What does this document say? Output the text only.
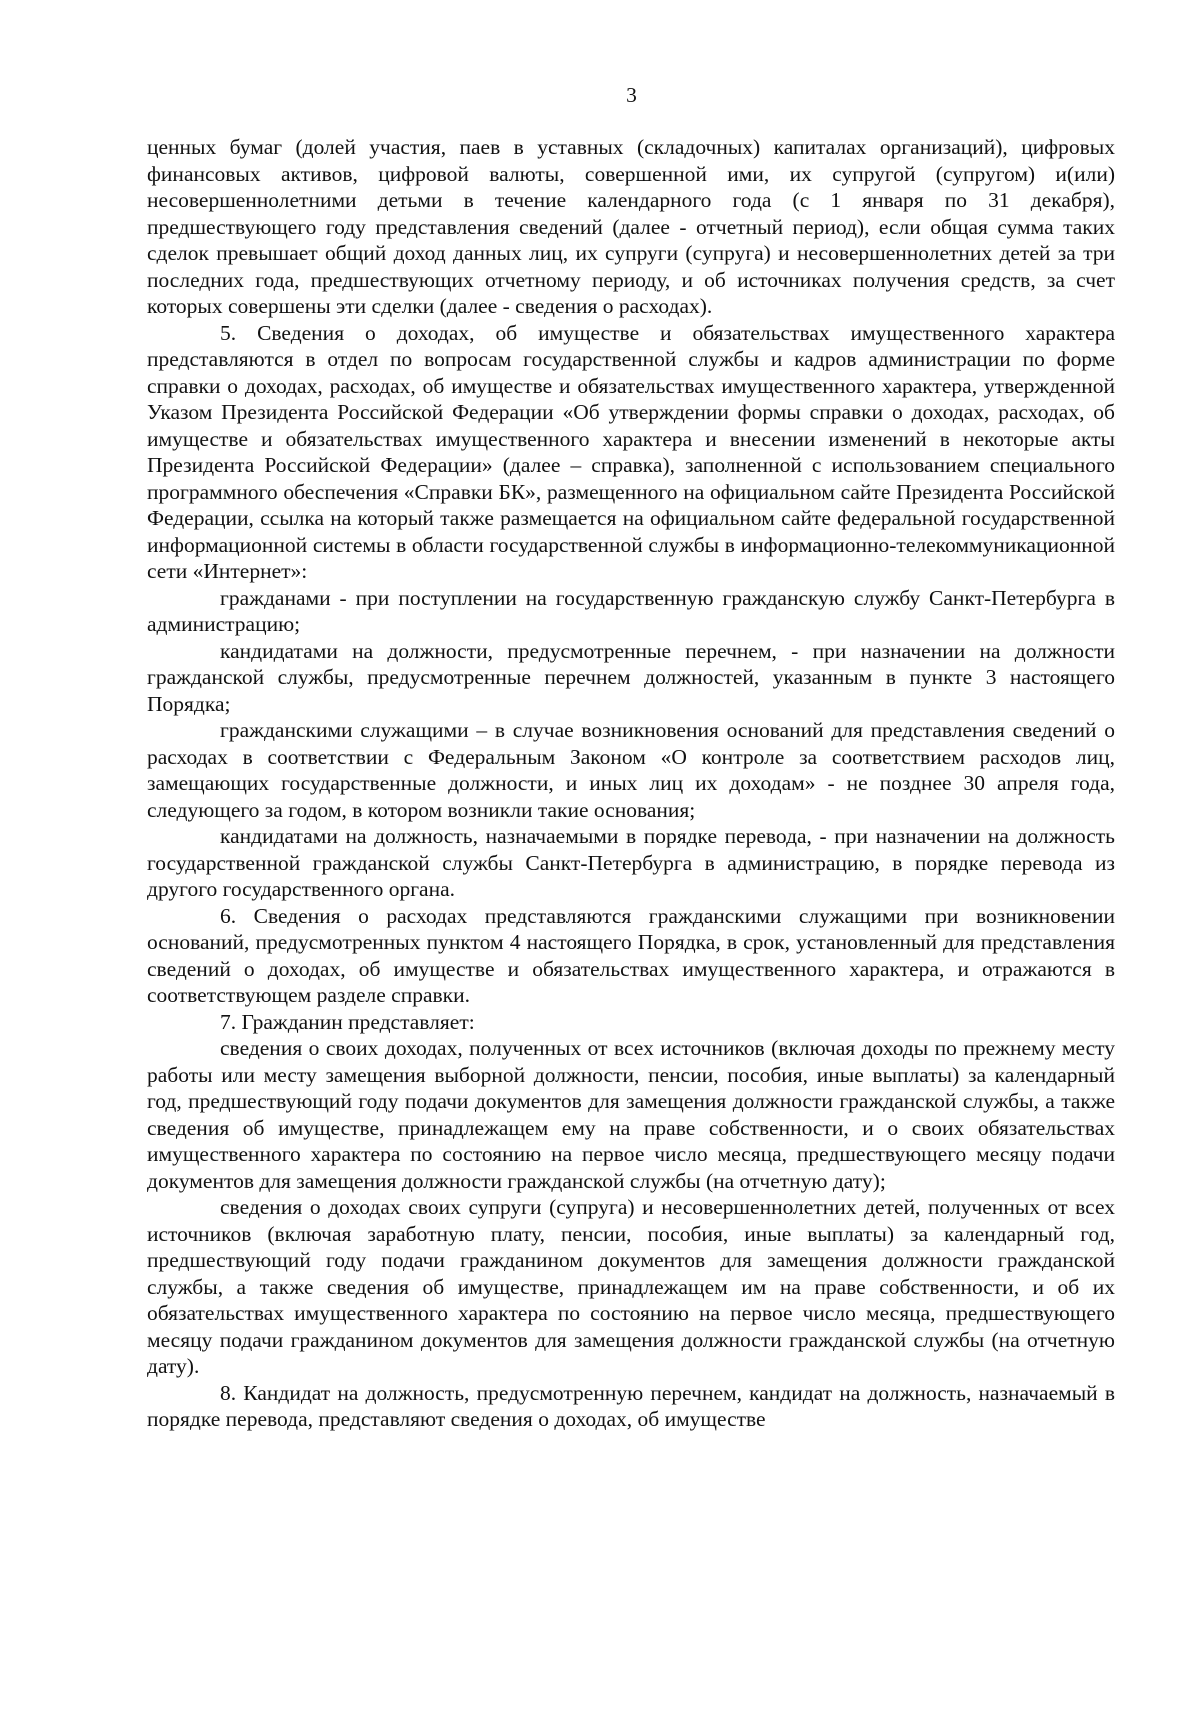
3

ценных бумаг (долей участия, паев в уставных (складочных) капиталах организаций), цифровых финансовых активов, цифровой валюты, совершенной ими, их супругой (супругом) и(или) несовершеннолетними детьми в течение календарного года (с 1 января по 31 декабря), предшествующего году представления сведений (далее - отчетный период), если общая сумма таких сделок превышает общий доход данных лиц, их супруги (супруга) и несовершеннолетних детей за три последних года, предшествующих отчетному периоду, и об источниках получения средств, за счет которых совершены эти сделки (далее - сведения о расходах).

5. Сведения о доходах, об имуществе и обязательствах имущественного характера представляются в отдел по вопросам государственной службы и кадров администрации по форме справки о доходах, расходах, об имуществе и обязательствах имущественного характера, утвержденной Указом Президента Российской Федерации «Об утверждении формы справки о доходах, расходах, об имуществе и обязательствах имущественного характера и внесении изменений в некоторые акты Президента Российской Федерации» (далее – справка), заполненной с использованием специального программного обеспечения «Справки БК», размещенного на официальном сайте Президента Российской Федерации, ссылка на который также размещается на официальном сайте федеральной государственной информационной системы в области государственной службы в информационно-телекоммуникационной сети «Интернет»:

гражданами - при поступлении на государственную гражданскую службу Санкт-Петербурга в администрацию;

кандидатами на должности, предусмотренные перечнем, - при назначении на должности гражданской службы, предусмотренные перечнем должностей, указанным в пункте 3 настоящего Порядка;

гражданскими служащими – в случае возникновения оснований для представления сведений о расходах в соответствии с Федеральным Законом «О контроле за соответствием расходов лиц, замещающих государственные должности, и иных лиц их доходам» - не позднее 30 апреля года, следующего за годом, в котором возникли такие основания;

кандидатами на должность, назначаемыми в порядке перевода, - при назначении на должность государственной гражданской службы Санкт-Петербурга в администрацию, в порядке перевода из другого государственного органа.

6. Сведения о расходах представляются гражданскими служащими при возникновении оснований, предусмотренных пунктом 4 настоящего Порядка, в срок, установленный для представления сведений о доходах, об имуществе и обязательствах имущественного характера, и отражаются в соответствующем разделе справки.

7. Гражданин представляет:

сведения о своих доходах, полученных от всех источников (включая доходы по прежнему месту работы или месту замещения выборной должности, пенсии, пособия, иные выплаты) за календарный год, предшествующий году подачи документов для замещения должности гражданской службы, а также сведения об имуществе, принадлежащем ему на праве собственности, и о своих обязательствах имущественного характера по состоянию на первое число месяца, предшествующего месяцу подачи документов для замещения должности гражданской службы (на отчетную дату);

сведения о доходах своих супруги (супруга) и несовершеннолетних детей, полученных от всех источников (включая заработную плату, пенсии, пособия, иные выплаты) за календарный год, предшествующий году подачи гражданином документов для замещения должности гражданской службы, а также сведения об имуществе, принадлежащем им на праве собственности, и об их обязательствах имущественного характера по состоянию на первое число месяца, предшествующего месяцу подачи гражданином документов для замещения должности гражданской службы (на отчетную дату).

8. Кандидат на должность, предусмотренную перечнем, кандидат на должность, назначаемый в порядке перевода, представляют сведения о доходах, об имуществе
